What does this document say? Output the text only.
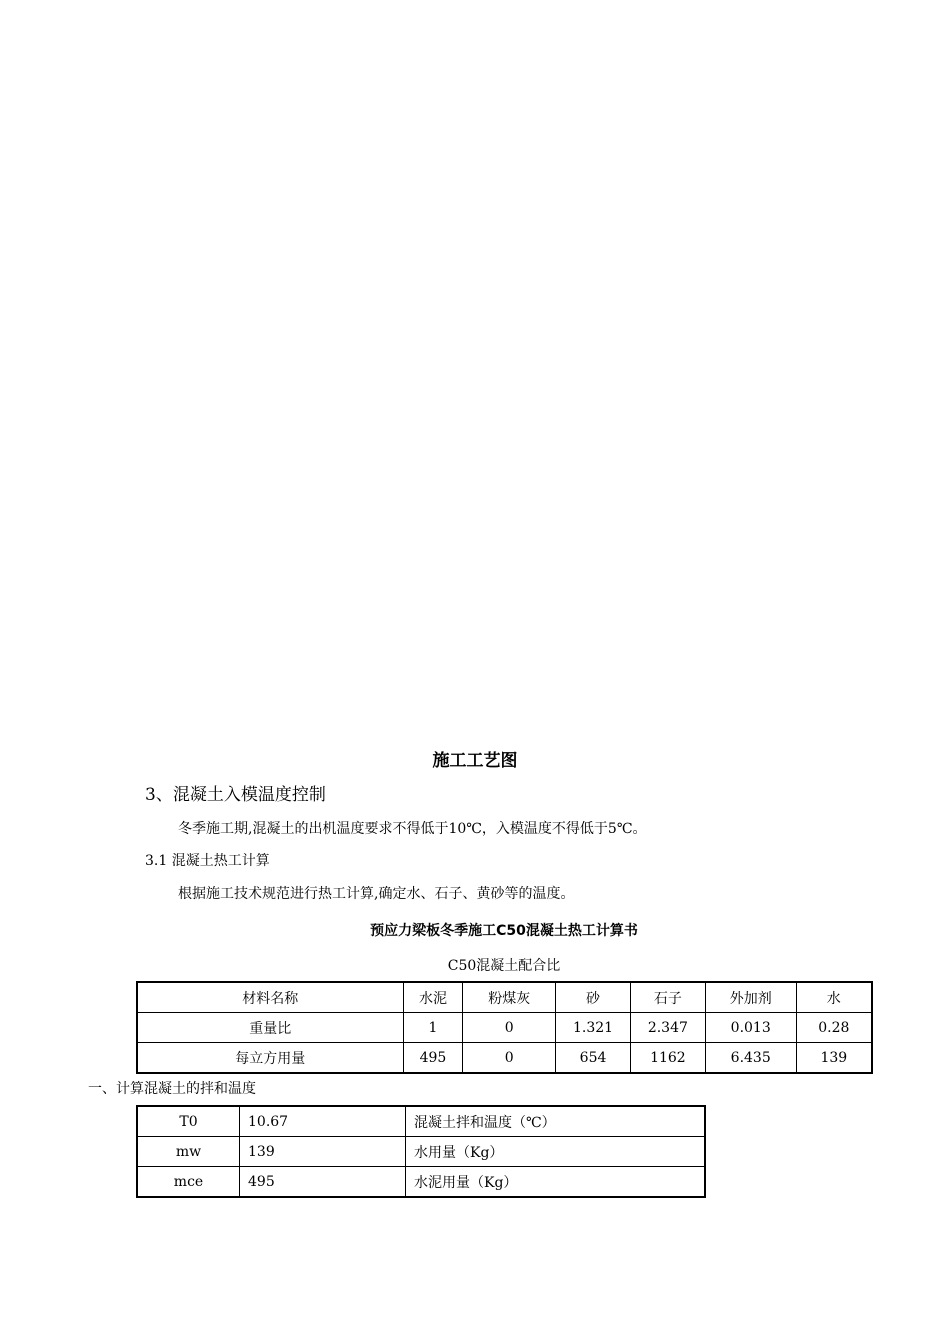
施工工艺图
3、混凝土入模温度控制
冬季施工期,混凝土的出机温度要求不得低于10℃，入模温度不得低于5℃。
3.1 混凝土热工计算
根据施工技术规范进行热工计算,确定水、石子、黄砂等的温度。
预应力梁板冬季施工C50混凝土热工计算书
C50混凝土配合比
材料名称	水泥	粉煤灰	砂	石子	外加剂	水
重量比	1	0	1.321	2.347	0.013	0.28
每立方用量	495	0	654	1162	6.435	139
一、计算混凝土的拌和温度
T0	10.67	混凝土拌和温度（℃）
mw	139	水用量（Kg）
mce	495	水泥用量（Kg）
